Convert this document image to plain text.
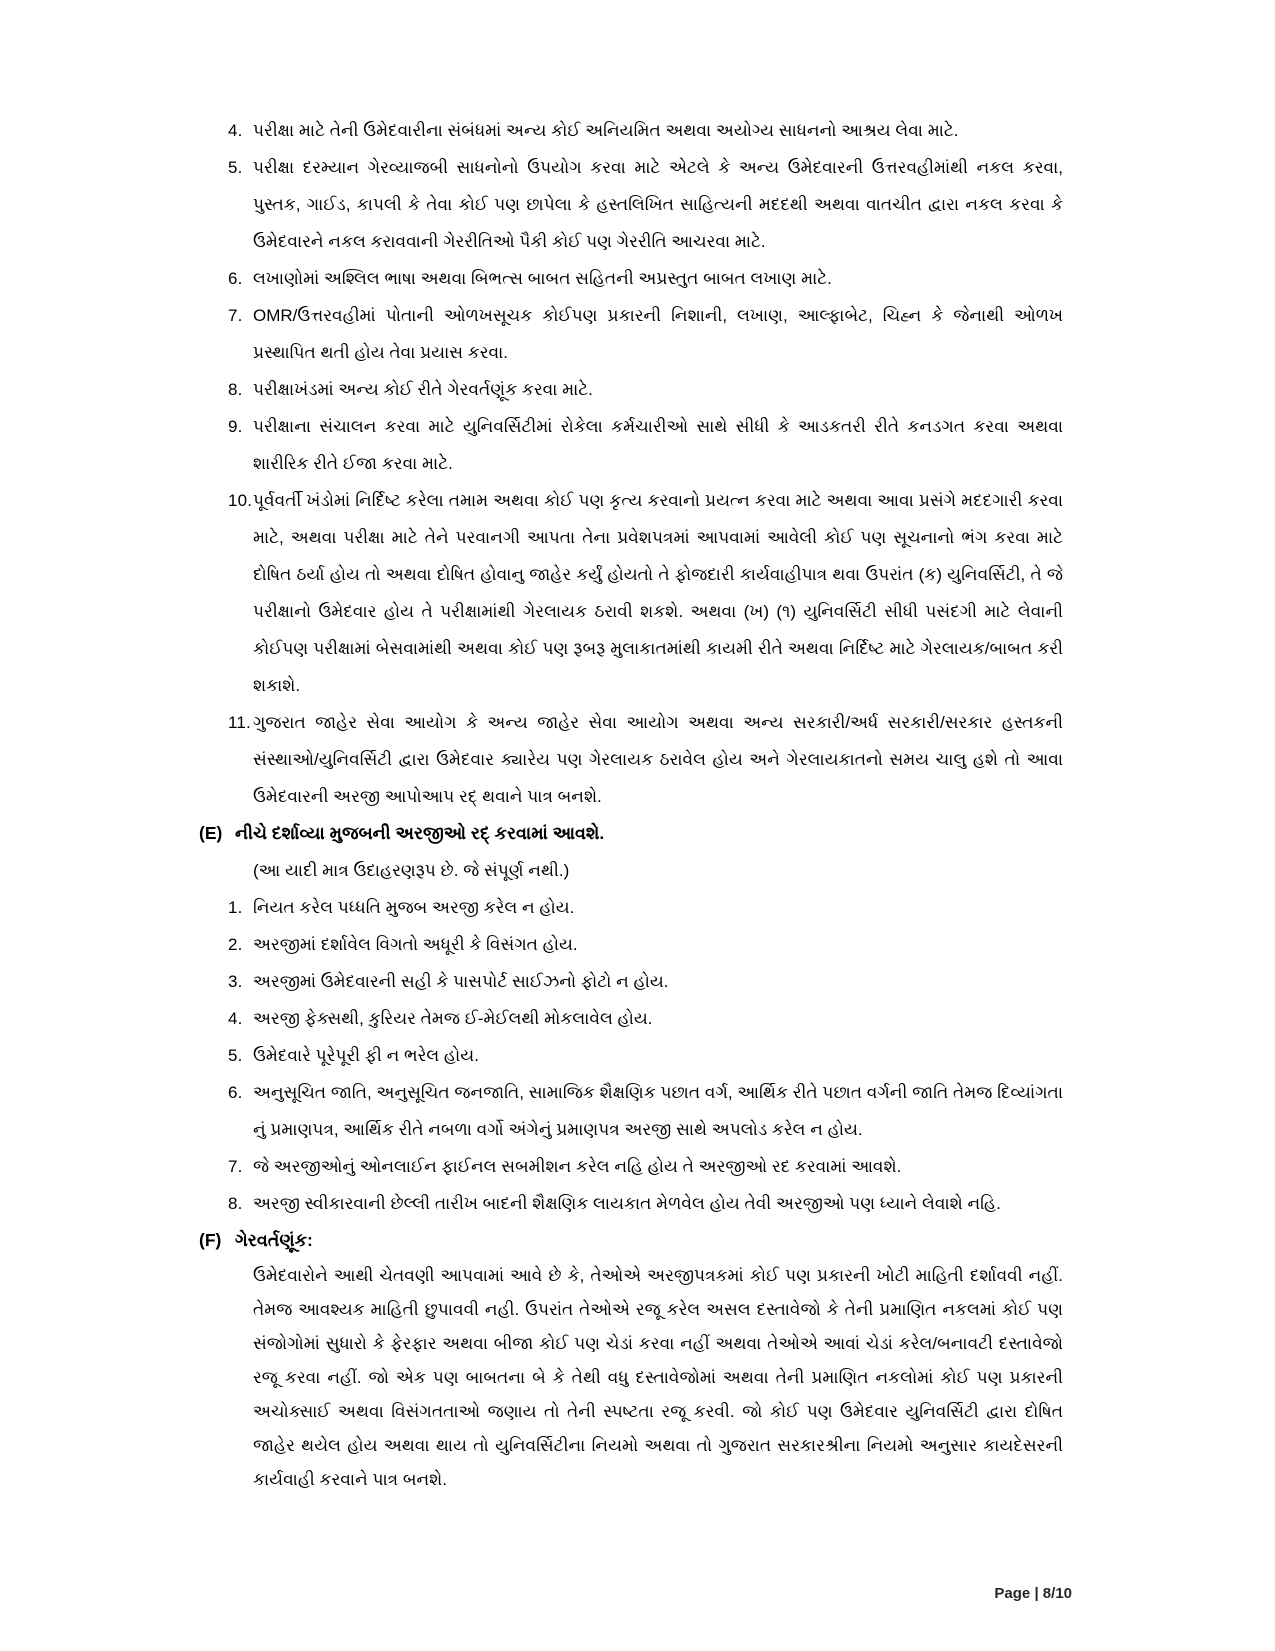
4. પરીક્ષા માટે તેની ઉમેદવારીના સંબંધમાં અન્ય કોઈ અનિયમિત અથવા અયોગ્ય સાધનનો આશ્રય લેવા માટે.
5. પરીક્ષા દરમ્યાન ગેરવ્યાજબી સાધનોનો ઉપયોગ કરવા માટે એટલે કે અન્ય ઉમેદવારની ઉત્તરવહીમાંથી નકલ કરવા, પુસ્તક, ગાઈડ, કાપલી કે તેવા કોઈ પણ છાપેલા કે હસ્તલિખિત સાહિત્યની મદદથી અથવા વાતચીત દ્વારા નકલ કરવા કે ઉમેદવારને નકલ કરાવવાની ગેરરીતિઓ પૈકી કોઈ પણ ગેરરીતિ આચરવા માટે.
6. લખાણોમાં અશ્લિલ ભાષા અથવા બિભત્સ બાબત સહિતની અપ્રસ્તુત બાબત લખાણ માટે.
7. OMR/ઉત્તરવહીમાં પોતાની ઓળખસૂચક કોઈપણ પ્રકારની નિશાની, લખાણ, આલ્ફાબેટ, ચિહ્ન કે જેનાથી ઓળખ પ્રસ્થાપિત થતી હોય તેવા પ્રયાસ કરવા.
8. પરીક્ષાખંડમાં અન્ય કોઈ રીતે ગેરવર્તણૂંક કરવા માટે.
9. પરીક્ષાના સંચાલન કરવા માટે યુનિવર્સિટીમાં રોકેલા કર્મચારીઓ સાથે સીધી કે આડકતરી રીતે કનડગત કરવા અથવા શારીરિક રીતે ઈજા કરવા માટે.
10. પૂર્વવર્તી ખંડોમાં નિર્દિષ્ટ કરેલા તમામ અથવા કોઈ પણ કૃત્ય કરવાનો પ્રયત્ન કરવા માટે અથવા આવા પ્રસંગે મદદગારી કરવા માટે, અથવા પરીક્ષા માટે તેને પરવાનગી આપતા તેના પ્રવેશપત્રમાં આપવામાં આવેલી કોઈ પણ સૂચનાનો ભંગ કરવા માટે દોષિત ઠર્યા હોય તો અથવા દોષિત હોવાનુ જાહેર કર્યું હોયતો તે ફોજદારી કાર્યવાહીપાત્ર થવા ઉપરાંત (ક) યુનિવર્સિટી, તે જે પરીક્ષાનો ઉમેદવાર હોય તે પરીક્ષામાંથી ગેરલાયક ઠરાવી શકશે. અથવા (ખ) (૧) યુનિવર્સિટી સીધી પસંદગી માટે લેવાની કોઈપણ પરીક્ષામાં બેસવામાંથી અથવા કોઈ પણ રૂબરૂ મુલાકાતમાંથી કાયમી રીતે અથવા નિર્દિષ્ટ માટે ગેરલાયક/બાબત કરી શકાશે.
11. ગુજરાત જાહેર સેવા આયોગ કે અન્ય જાહેર સેવા આયોગ અથવા અન્ય સરકારી/અર્ધ સરકારી/સરકાર હસ્તકની સંસ્થાઓ/યુનિવર્સિટી દ્વારા ઉમેદવાર ક્યારેય પણ ગેરલાયક ઠરાવેલ હોય અને ગેરલાયકાતનો સમય ચાલુ હશે તો આવા ઉમેદવારની અરજી આપોઆપ રદ્ થવાને પાત્ર બનશે.
(E) નીચે દર્શાવ્યા મુજબની અરજીઓ રદ્ કરવામાં આવશે.
(આ યાદી માત્ર ઉદાહરણરૂપ છે. જે સંપૂર્ણ નથી.)
1. નિયત કરેલ પધ્ધતિ મુજબ અરજી કરેલ ન હોય.
2. અરજીમાં દર્શાવેલ વિગતો અધૂરી કે વિસંગત હોય.
3. અરજીમાં ઉમેદવારની સહી કે પાસપોર્ટ સાઈઝનો ફોટો ન હોય.
4. અરજી ફેક્સથી, કુરિયર તેમજ ઈ-મેઈલથી મોકલાવેલ હોય.
5. ઉમેદવારે પૂરેપૂરી ફી ન ભરેલ હોય.
6. અનુસૂચિત જાતિ, અનુસૂચિત જનજાતિ, સામાજિક શૈક્ષણિક પછાત વર્ગ, આર્થિક રીતે પછાત વર્ગની જાતિ તેમજ દિવ્યાંગતા નું પ્રમાણપત્ર, આર્થિક રીતે નબળા વર્ગો અંગેનું પ્રમાણપત્ર અરજી સાથે અપલોડ કરેલ ન હોય.
7. જે અરજીઓનું ઓનલાઈન ફાઈનલ સબમીશન કરેલ નહિ હોય તે અરજીઓ રદ કરવામાં આવશે.
8. અરજી સ્વીકારવાની છેલ્લી તારીખ બાદની શૈક્ષણિક લાયકાત મેળવેલ હોય તેવી અરજીઓ પણ ધ્યાને લેવાશે નહિ.
(F) ગેરવર્તણૂંક:
ઉમેદવારોને આથી ચેતવણી આપવામાં આવે છે કે, તેઓએ અરજીપત્રકમાં કોઈ પણ પ્રકારની ખોટી માહિતી દર્શાવવી નહીં. તેમજ આવશ્યક માહિતી છુપાવવી નહી. ઉપરાંત તેઓએ રજૂ કરેલ અસલ દસ્તાવેજો કે તેની પ્રમાણિત નકલમાં કોઈ પણ સંજોગોમાં સુધારો કે ફેરફાર અથવા બીજા કોઈ પણ ચેડાં કરવા નહીં અથવા તેઓએ આવાં ચેડાં કરેલ/બનાવટી દસ્તાવેજો રજૂ કરવા નહીં. જો એક પણ બાબતના બે કે તેથી વધુ દસ્તાવેજોમાં અથવા તેની પ્રમાણિત નકલોમાં કોઈ પણ પ્રકારની અચોક્સાઈ અથવા વિસંગતતાઓ જણાય તો તેની સ્પષ્ટતા રજૂ કરવી. જો કોઈ પણ ઉમેદવાર યુનિવર્સિટી દ્વારા દોષિત જાહેર થયેલ હોય અથવા થાય તો યુનિવર્સિટીના નિયમો અથવા તો ગુજરાત સરકારશ્રીના નિયમો અનુસાર કાયદેસરની કાર્યવાહી કરવાને પાત્ર બનશે.
Page | 8/10
